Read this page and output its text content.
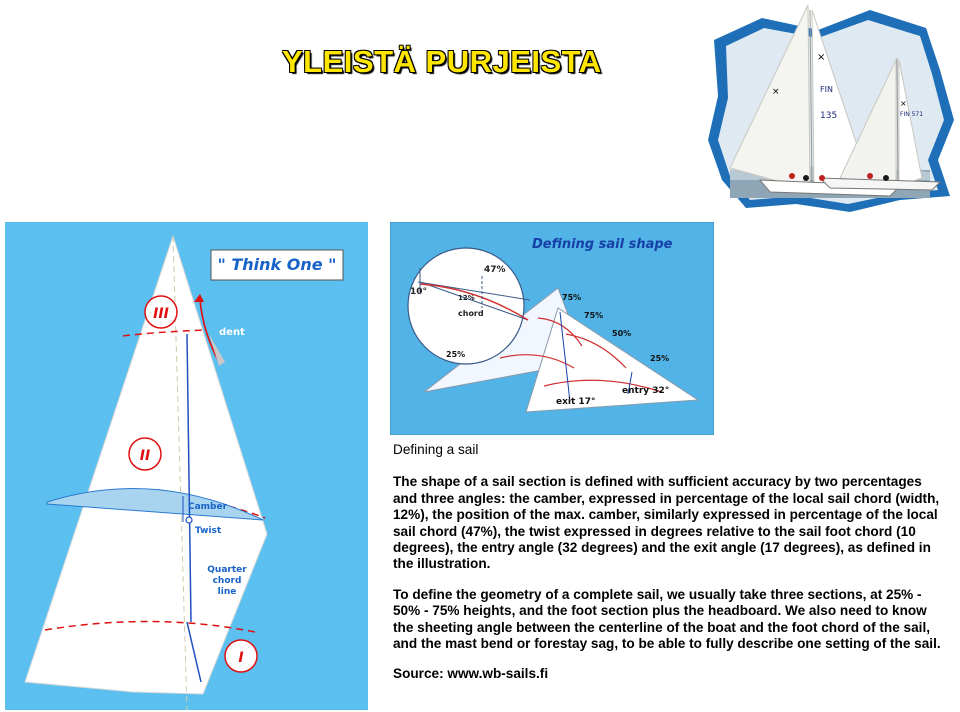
YLEISTÄ PURJEISTA	×
×
×
FIN
135	FIN 571
" Think One "
III
II
I
dent
Camber
Twist
Quarter
chord
line
Defining sail shape
47%
10°
12%
chord
75%
75%
50%
25%	25%
entry 32°
exit 17°

Defining a sail

The shape of a sail section is defined with sufficient accuracy by two percentages and three angles: the camber, expressed in percentage of the local sail chord (width, 12%), the position of the max. camber, similarly expressed in percentage of the local sail chord (47%), the twist expressed in degrees relative to the sail foot chord (10 degrees), the entry angle (32 degrees) and the exit angle (17 degrees), as defined in the illustration.

To define the geometry of a complete sail, we usually take three sections, at 25% - 50% - 75% heights, and the foot section plus the headboard. We also need to know the sheeting angle between the centerline of the boat and the foot chord of the sail, and the mast bend or forestay sag, to be able to fully describe one setting of the sail.

Source: www.wb-sails.fi
